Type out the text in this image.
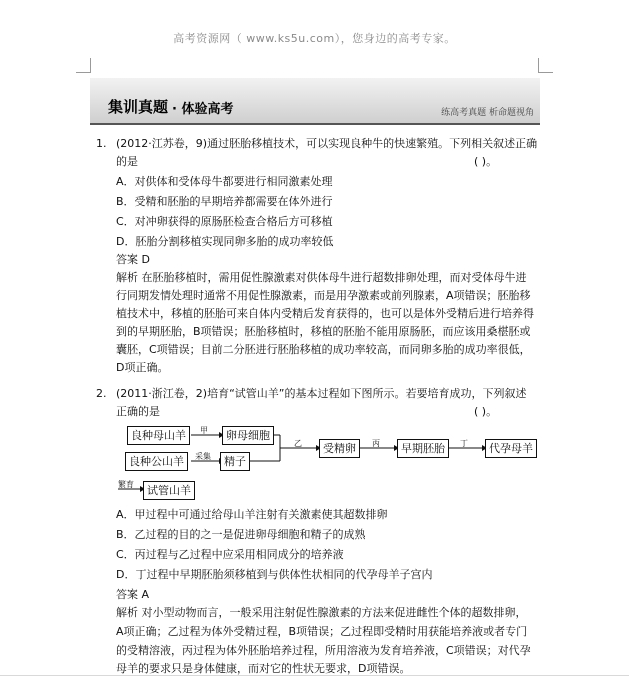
高考资源网（ www.ks5u.com），您身边的高考专家。
集训真题 · 体验高考	练高考真题 析命题视角
1. (2012·江苏卷，9)通过胚胎移植技术，可以实现良种牛的快速繁殖。下列相关叙述正确
的是	( )。
A．对供体和受体母牛都要进行相同激素处理
B．受精和胚胎的早期培养都需要在体外进行
C．对冲卵获得的原肠胚检查合格后方可移植
D．胚胎分割移植实现同卵多胎的成功率较低
答案 D
解析 在胚胎移植时，需用促性腺激素对供体母牛进行超数排卵处理，而对受体母牛进
行同期发情处理时通常不用促性腺激素，而是用孕激素或前列腺素，A项错误；胚胎移
植技术中，移植的胚胎可来自体内受精后发育获得的，也可以是体外受精后进行培养得
到的早期胚胎，B项错误；胚胎移植时，移植的胚胎不能用原肠胚，而应该用桑椹胚或
囊胚，C项错误；目前二分胚进行胚胎移植的成功率较高，而同卵多胎的成功率很低，
D项正确。
2. (2011·浙江卷，2)培育“试管山羊”的基本过程如下图所示。若要培育成功，下列叙述
正确的是	( )。
良种母山羊	卵母细胞
良种公山羊	精子
受精卵	早期胚胎	代孕母羊
试管山羊
甲
采集
乙	丙	丁
繁育
A．甲过程中可通过给母山羊注射有关激素使其超数排卵
B．乙过程的目的之一是促进卵母细胞和精子的成熟
C．丙过程与乙过程中应采用相同成分的培养液
D．丁过程中早期胚胎须移植到与供体性状相同的代孕母羊子宫内
答案 A
解析 对小型动物而言，一般采用注射促性腺激素的方法来促进雌性个体的超数排卵，
A项正确；乙过程为体外受精过程，B项错误；乙过程即受精时用获能培养液或者专门
的受精溶液，丙过程为体外胚胎培养过程，所用溶液为发育培养液，C项错误；对代孕
母羊的要求只是身体健康，而对它的性状无要求，D项错误。
